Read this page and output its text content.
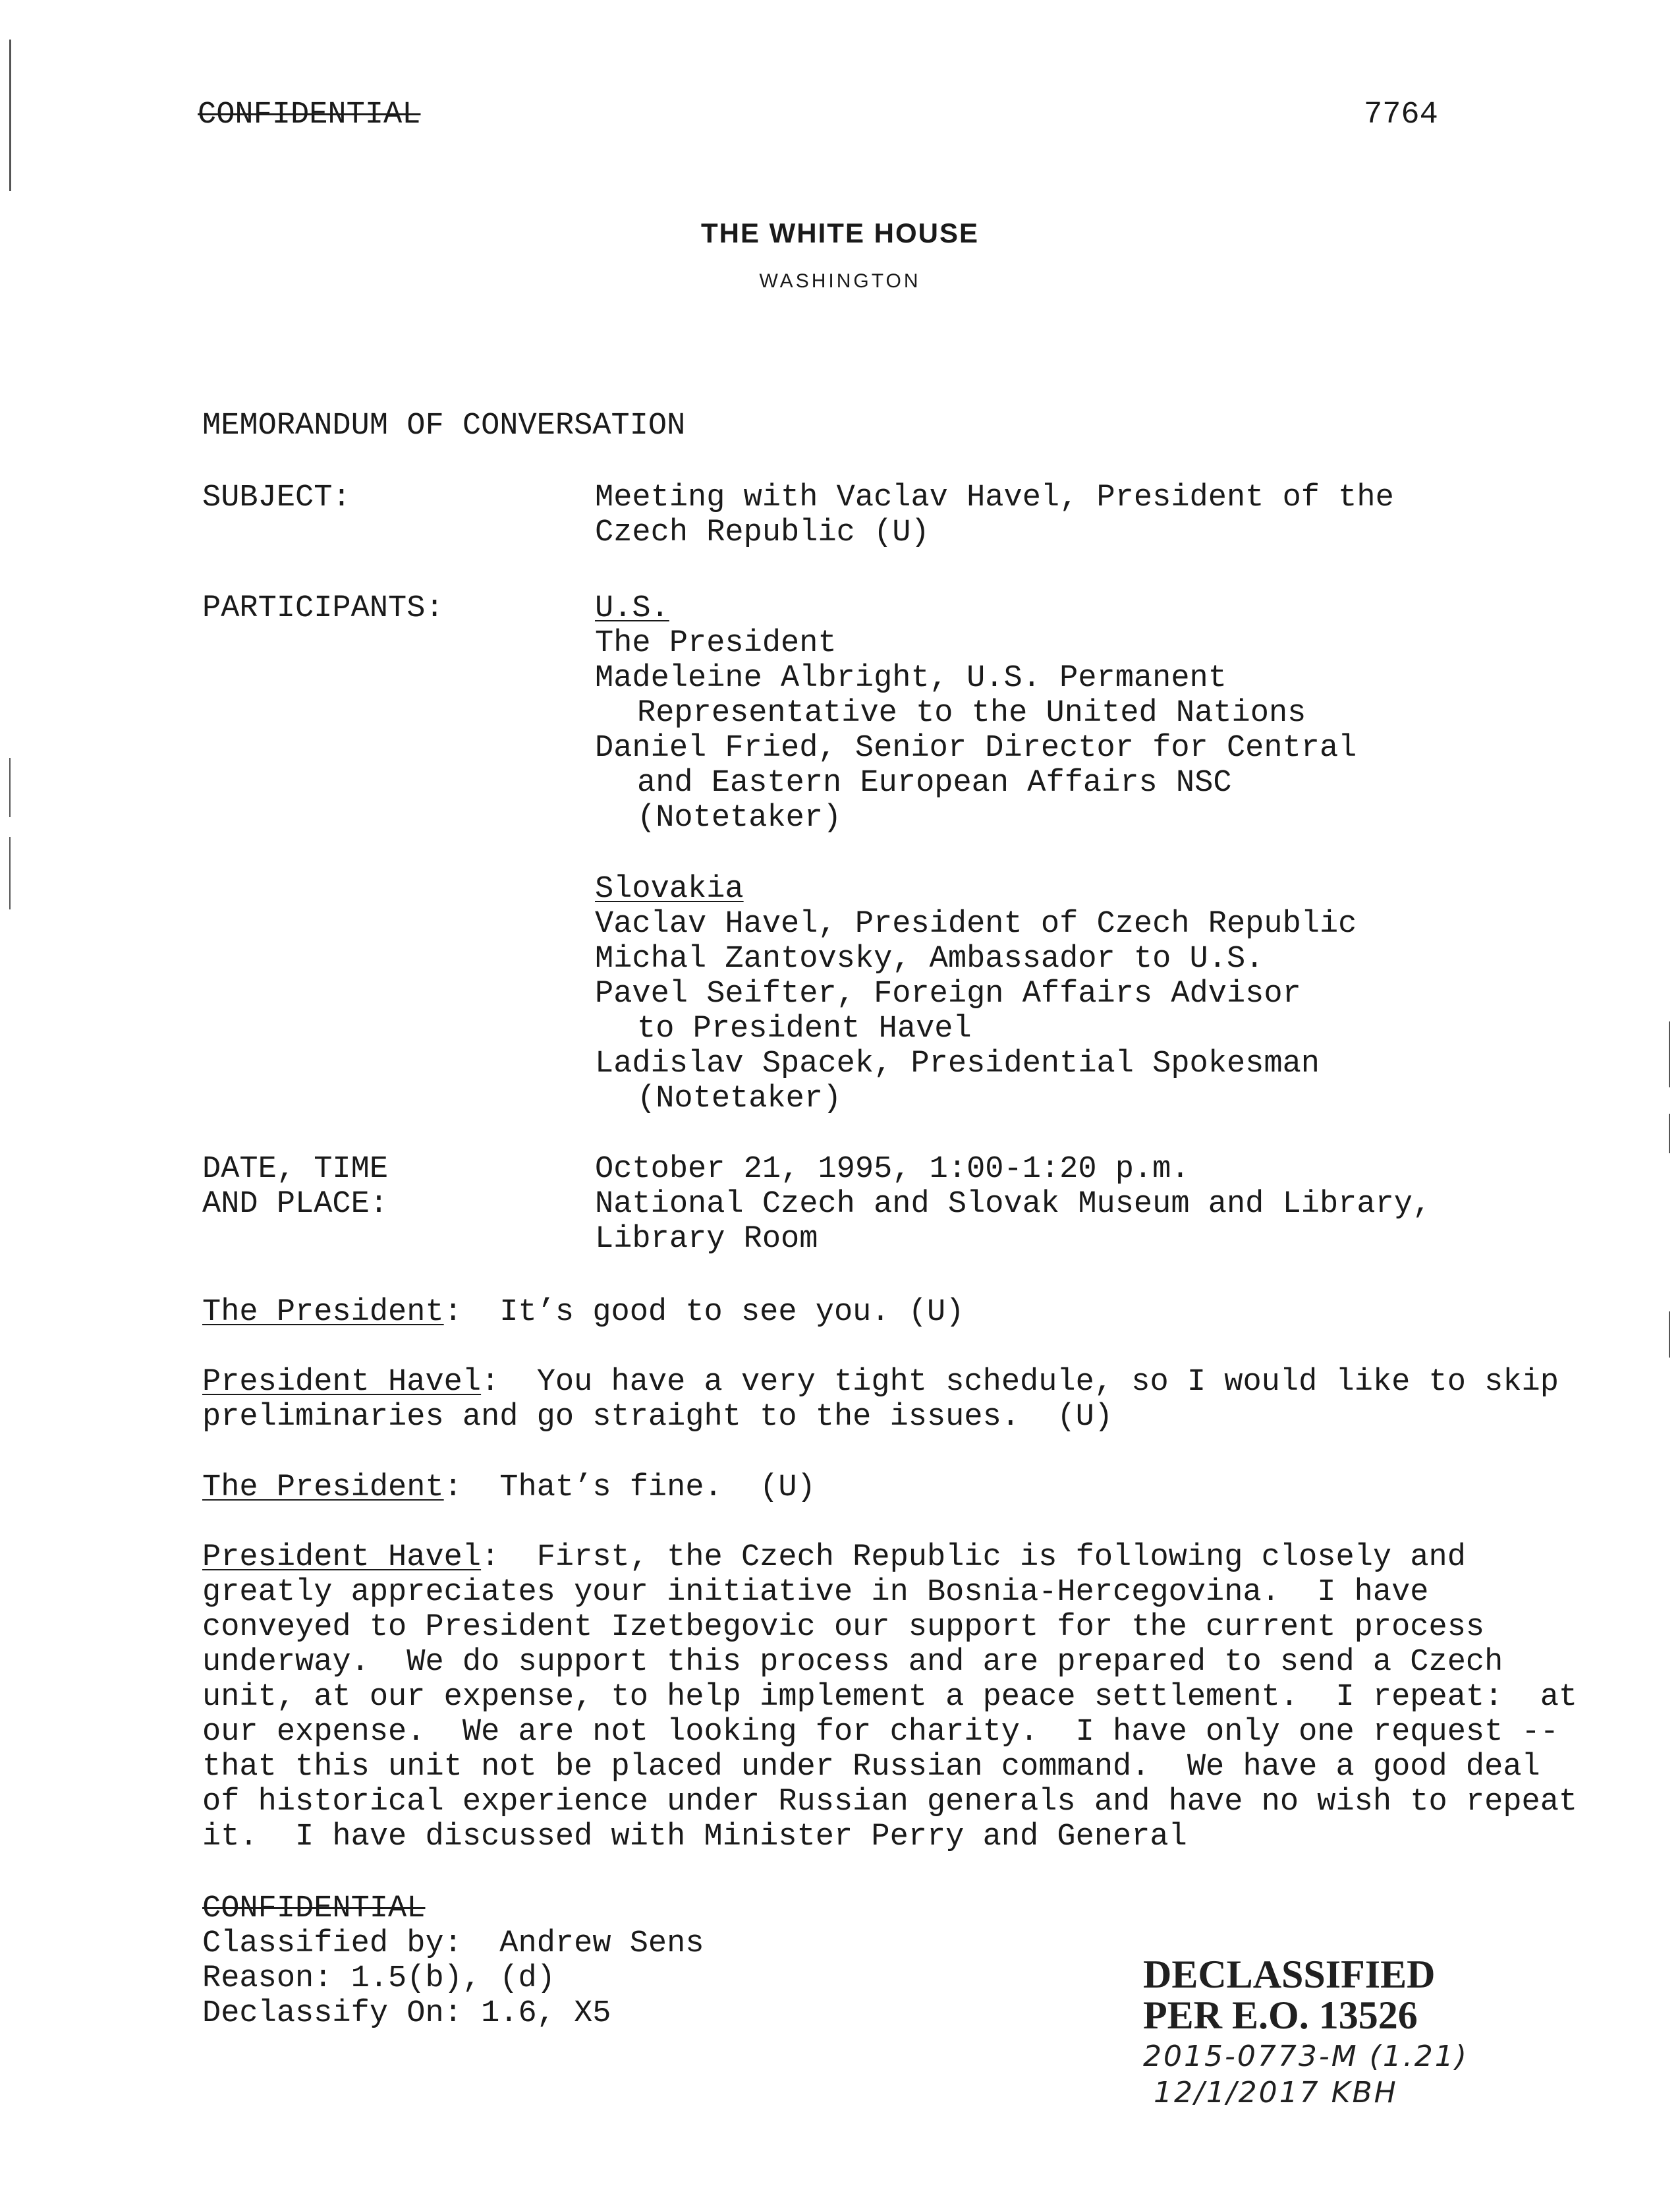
CONFIDENTIAL	7764
THE WHITE HOUSE
WASHINGTON
MEMORANDUM OF CONVERSATION
SUBJECT:	Meeting with Vaclav Havel, President of the
Czech Republic (U)
PARTICIPANTS:	U.S.
The President
Madeleine Albright, U.S. Permanent
Representative to the United Nations
Daniel Fried, Senior Director for Central
and Eastern European Affairs NSC
(Notetaker)
Slovakia
Vaclav Havel, President of Czech Republic
Michal Zantovsky, Ambassador to U.S.
Pavel Seifter, Foreign Affairs Advisor
to President Havel
Ladislav Spacek, Presidential Spokesman
(Notetaker)
DATE, TIME
AND PLACE:
October 21, 1995, 1:00-1:20 p.m.
National Czech and Slovak Museum and Library,
Library Room
The President:  It’s good to see you. (U)
President Havel:  You have a very tight schedule, so I would like to skip preliminaries and go straight to the issues.  (U)
The President:  That’s fine.  (U)
President Havel:  First, the Czech Republic is following closely and greatly appreciates your initiative in Bosnia-Hercegovina.  I have conveyed to President Izetbegovic our support for the current process underway.  We do support this process and are prepared to send a Czech unit, at our expense, to help implement a peace settlement.  I repeat:  at our expense.  We are not looking for charity.  I have only one request -- that this unit not be placed under Russian command.  We have a good deal of historical experience under Russian generals and have no wish to repeat it.  I have discussed with Minister Perry and General
CONFIDENTIAL
Classified by: Andrew Sens
Reason: 1.5(b), (d)
Declassify On: 1.6, X5
DECLASSIFIED
PER E.O. 13526
2015-0773-M (1.21)
12/1/2017 KBH
